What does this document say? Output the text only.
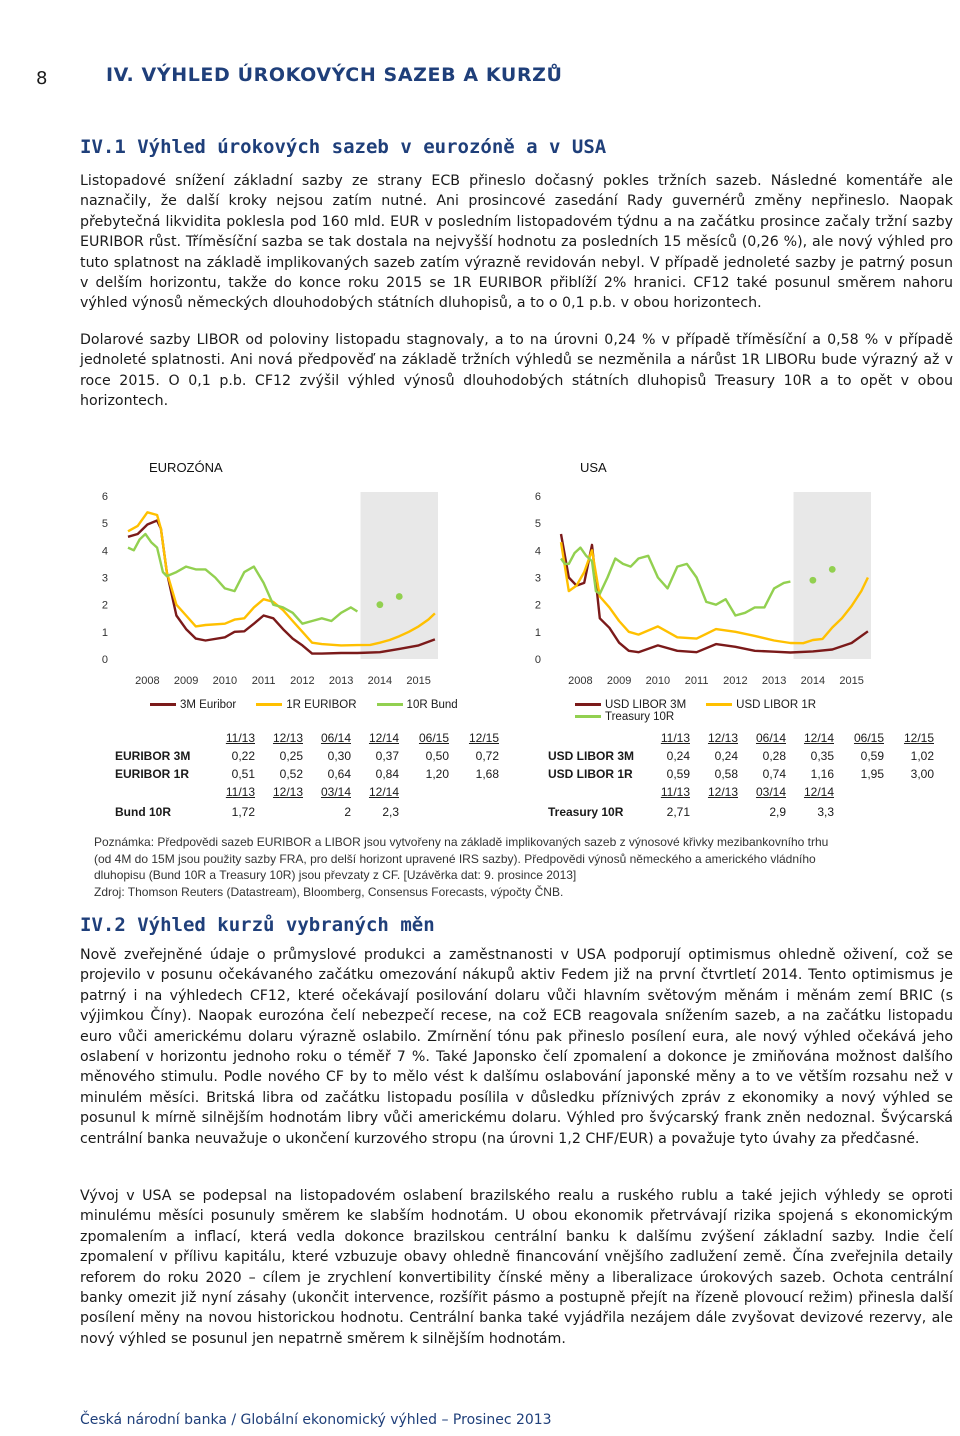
8	IV. VÝHLED ÚROKOVÝCH SAZEB A KURZŮ
IV.1 Výhled úrokových sazeb v eurozóně a v USA

Listopadové snížení základní sazby ze strany ECB přineslo dočasný pokles tržních sazeb. Následné komentáře ale naznačily, že další kroky nejsou zatím nutné. Ani prosincové zasedání Rady guvernérů změny nepřineslo. Naopak přebytečná likvidita poklesla pod 160 mld. EUR v posledním listopadovém týdnu a na začátku prosince začaly tržní sazby EURIBOR růst. Tříměsíční sazba se tak dostala na nejvyšší hodnotu za posledních 15 měsíců (0,26 %), ale nový výhled pro tuto splatnost na základě implikovaných sazeb zatím výrazně revidován nebyl. V případě jednoleté sazby je patrný posun v delším horizontu, takže do konce roku 2015 se 1R EURIBOR přiblíží 2% hranici. CF12 také posunul směrem nahoru výhled výnosů německých dlouhodobých státních dluhopisů, a to o 0,1 p.b. v obou horizontech.

Dolarové sazby LIBOR od poloviny listopadu stagnovaly, a to na úrovni 0,24 % v případě tříměsíční a 0,58 % v případě jednoleté splatnosti. Ani nová předpověď na základě tržních výhledů se nezměnila a nárůst 1R LIBORu bude výrazný až v roce 2015. O 0,1 p.b. CF12 zvýšil výhled výnosů dlouhodobých státních dluhopisů Treasury 10R a to opět v obou horizontech.

EUROZÓNA
0
1
2
3
4
5
6
2008 2009 2010 2011 2012 2013 2014 2015
3M Euribor	1R EURIBOR	10R Bund
USA
0
1
2
3
4
5
6
2008 2009 2010 2011 2012 2013 2014 2015
USD LIBOR 3M	USD LIBOR 1RTreasury 10R
	11/13	12/13	06/14	12/14	06/15	12/15
EURIBOR 3M	0,22	0,25	0,30	0,37	0,50	0,72
EURIBOR 1R	0,51	0,52	0,64	0,84	1,20	1,68
	11/13	12/13	03/14	12/14		
Bund 10R	1,72		2	2,3		
	11/13	12/13	06/14	12/14	06/15	12/15
USD LIBOR 3M	0,24	0,24	0,28	0,35	0,59	1,02
USD LIBOR 1R	0,59	0,58	0,74	1,16	1,95	3,00
	11/13	12/13	03/14	12/14		
Treasury 10R	2,71		2,9	3,3		
Poznámka: Předpovědi sazeb EURIBOR a LIBOR jsou vytvořeny na základě implikovaných sazeb z výnosové křivky mezibankovního trhu
(od 4M do 15M jsou použity sazby FRA, pro delší horizont upravené IRS sazby). Předpovědi výnosů německého a amerického vládního
dluhopisu (Bund 10R a Treasury 10R) jsou převzaty z CF. [Uzávěrka dat: 9. prosince 2013]
Zdroj: Thomson Reuters (Datastream), Bloomberg, Consensus Forecasts, výpočty ČNB.
IV.2 Výhled kurzů vybraných měn

Nově zveřejněné údaje o průmyslové produkci a zaměstnanosti v USA podporují optimismus ohledně oživení, což se projevilo v posunu očekávaného začátku omezování nákupů aktiv Fedem již na první čtvrtletí 2014. Tento optimismus je patrný i na výhledech CF12, které očekávají posilování dolaru vůči hlavním světovým měnám i měnám zemí BRIC (s výjimkou Číny). Naopak eurozóna čelí nebezpečí recese, na což ECB reagovala snížením sazeb, a na začátku listopadu euro vůči americkému dolaru výrazně oslabilo. Zmírnění tónu pak přineslo posílení eura, ale nový výhled očekává jeho oslabení v horizontu jednoho roku o téměř 7 %. Také Japonsko čelí zpomalení a dokonce je zmiňována možnost dalšího měnového stimulu. Podle nového CF by to mělo vést k dalšímu oslabování japonské měny a to ve větším rozsahu než v minulém měsíci. Britská libra od začátku listopadu posílila v důsledku příznivých zpráv z ekonomiky a nový výhled se posunul k mírně silnějším hodnotám libry vůči americkému dolaru. Výhled pro švýcarský frank zněn nedoznal. Švýcarská centrální banka neuvažuje o ukončení kurzového stropu (na úrovni 1,2 CHF/EUR) a považuje tyto úvahy za předčasné.

Vývoj v USA se podepsal na listopadovém oslabení brazilského realu a ruského rublu a také jejich výhledy se oproti minulému měsíci posunuly směrem ke slabším hodnotám. U obou ekonomik přetrvávají rizika spojená s ekonomickým zpomalením a inflací, která vedla dokonce brazilskou centrální banku k dalšímu zvýšení základní sazby. Indie čelí zpomalení v přílivu kapitálu, které vzbuzuje obavy ohledně financování vnějšího zadlužení země. Čína zveřejnila detaily reforem do roku 2020 – cílem je zrychlení konvertibility čínské měny a liberalizace úrokových sazeb. Ochota centrální banky omezit již nyní zásahy (ukončit intervence, rozšířit pásmo a postupně přejít na řízeně plovoucí režim) přinesla další posílení měny na novou historickou hodnotu. Centrální banka také vyjádřila nezájem dále zvyšovat devizové rezervy, ale nový výhled se posunul jen nepatrně směrem k silnějším hodnotám.

Česká národní banka / Globální ekonomický výhled – Prosinec 2013
